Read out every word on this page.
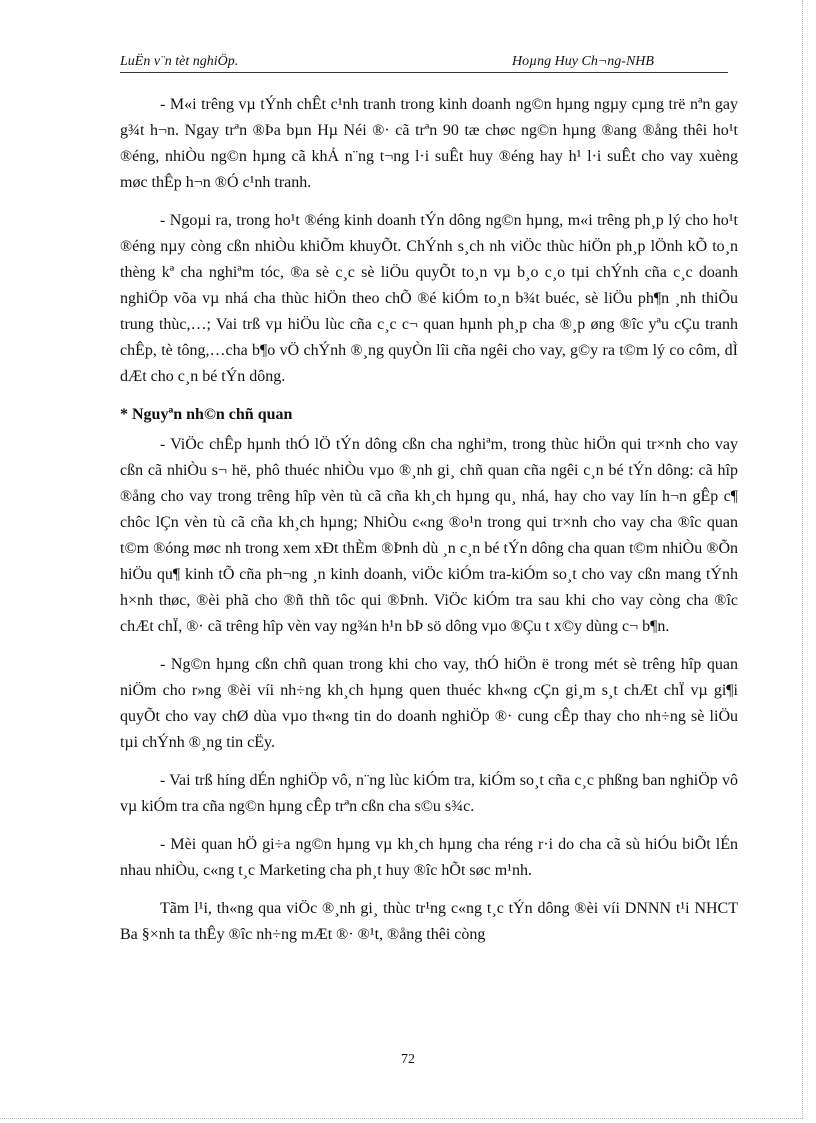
LuËn v¨n tèt nghiÖp.	Hoµng Huy Ch¬ng-NHB

- M«i trêng vµ tÝnh chÊt c¹nh tranh trong kinh doanh ng©n hµng ngµy cµng trë nªn gay g¾t h¬n. Ngay trªn ®Þa bµn Hµ Néi ®· cã trªn 90 tæ chøc ng©n hµng ®ang ®ång thêi ho¹t ®éng, nhiÒu ng©n hµng cã khẢ n¨ng t¬ng l·i suÊt huy ®éng hay h¹ l·i suÊt cho vay xuèng møc thÊp h¬n ®Ó c¹nh tranh.

- Ngoµi ra, trong ho¹t ®éng kinh doanh tÝn dông ng©n hµng, m«i trêng ph¸p lý cho ho¹t ®éng nµy còng cßn nhiÒu khiÕm khuyÕt. ChÝnh s¸ch nh viÖc thùc hiÖn ph¸p lÖnh kÕ to¸n thèng kª cha nghiªm tóc, ®a sè c¸c sè liÖu quyÕt to¸n vµ b¸o c¸o tµi chÝnh cña c¸c doanh nghiÖp võa vµ nhá cha thùc hiÖn theo chÕ ®é kiÓm to¸n b¾t buéc, sè liÖu ph¶n ¸nh thiÕu trung thùc,…; Vai trß vµ hiÖu lùc cña c¸c c¬ quan hµnh ph¸p cha ®¸p øng ®îc yªu cÇu tranh chÊp, tè tông,…cha b¶o vÖ chÝnh ®¸ng quyÒn lîi cña ngêi cho vay, g©y ra t©m lý co côm, dÌ dÆt cho c¸n bé tÝn dông.

* Nguyªn nh©n chñ quan

- ViÖc chÊp hµnh thÓ lÖ tÝn dông cßn cha nghiªm, trong thùc hiÖn qui tr×nh cho vay cßn cã nhiÒu s¬ hë, phô thuéc nhiÒu vµo ®¸nh gi¸ chñ quan cña ngêi c¸n bé tÝn dông: cã hîp ®ång cho vay trong trêng hîp vèn tù cã cña kh¸ch hµng qu¸ nhá, hay cho vay lín h¬n gÊp c¶ chôc lÇn vèn tù cã cña kh¸ch hµng; NhiÒu c«ng ®o¹n trong qui tr×nh cho vay cha ®îc quan t©m ®óng møc nh trong xem xÐt thÈm ®Þnh dù ¸n c¸n bé tÝn dông cha quan t©m nhiÒu ®Õn hiÖu qu¶ kinh tÕ cña ph¬ng ¸n kinh doanh, viÖc kiÓm tra-kiÓm so¸t cho vay cßn mang tÝnh h×nh thøc, ®èi phã cho ®ñ thñ tôc qui ®Þnh. ViÖc kiÓm tra sau khi cho vay còng cha ®îc chÆt chÏ, ®· cã trêng hîp vèn vay ng¾n h¹n bÞ sö dông vµo ®Çu t x©y dùng c¬ b¶n.

- Ng©n hµng cßn chñ quan trong khi cho vay, thÓ hiÖn ë trong mét sè trêng hîp quan niÖm cho r»ng ®èi víi nh÷ng kh¸ch hµng quen thuéc kh«ng cÇn gi¸m s¸t chÆt chÏ vµ gi¶i quyÕt cho vay chØ dùa vµo th«ng tin do doanh nghiÖp ®· cung cÊp thay cho nh÷ng sè liÖu tµi chÝnh ®¸ng tin cËy.

- Vai trß híng dÉn nghiÖp vô, n¨ng lùc kiÓm tra, kiÓm so¸t cña c¸c phßng ban nghiÖp vô vµ kiÓm tra cña ng©n hµng cÊp trªn cßn cha s©u s¾c.

- Mèi quan hÖ gi÷a ng©n hµng vµ kh¸ch hµng cha réng r·i do cha cã sù hiÓu biÕt lÉn nhau nhiÒu, c«ng t¸c Marketing cha ph¸t huy ®îc hÕt søc m¹nh.

Tãm l¹i, th«ng qua viÖc ®¸nh gi¸ thùc tr¹ng c«ng t¸c tÝn dông ®èi víi DNNN t¹i NHCT Ba §×nh ta thÊy ®îc nh÷ng mÆt ®· ®¹t, ®ång thêi còng

72
